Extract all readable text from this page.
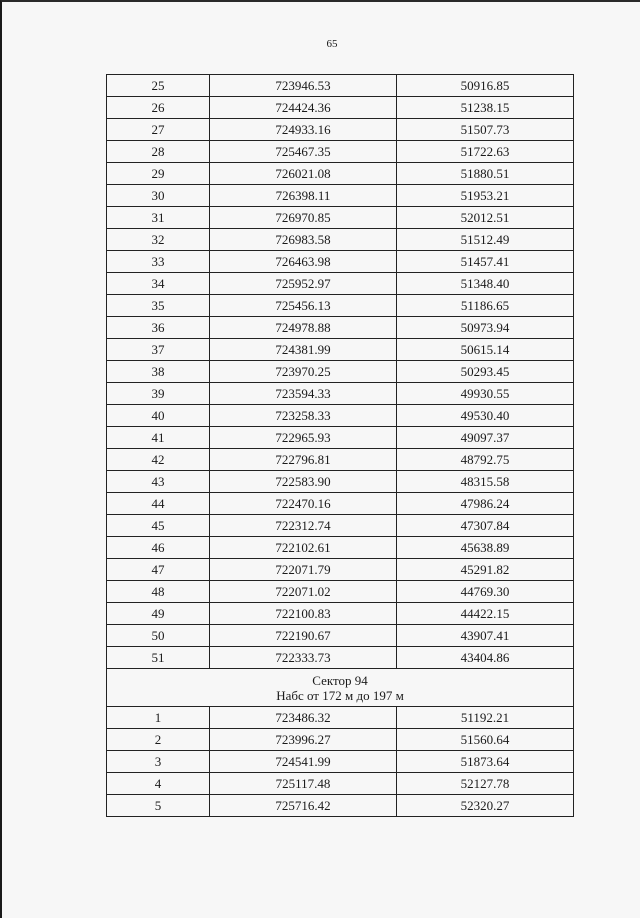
65
25	723946.53	50916.85
26	724424.36	51238.15
27	724933.16	51507.73
28	725467.35	51722.63
29	726021.08	51880.51
30	726398.11	51953.21
31	726970.85	52012.51
32	726983.58	51512.49
33	726463.98	51457.41
34	725952.97	51348.40
35	725456.13	51186.65
36	724978.88	50973.94
37	724381.99	50615.14
38	723970.25	50293.45
39	723594.33	49930.55
40	723258.33	49530.40
41	722965.93	49097.37
42	722796.81	48792.75
43	722583.90	48315.58
44	722470.16	47986.24
45	722312.74	47307.84
46	722102.61	45638.89
47	722071.79	45291.82
48	722071.02	44769.30
49	722100.83	44422.15
50	722190.67	43907.41
51	722333.73	43404.86

Сектор 94
Набс от 172 м до 197 м		

1	723486.32	51192.21
2	723996.27	51560.64
3	724541.99	51873.64
4	725117.48	52127.78
5	725716.42	52320.27
